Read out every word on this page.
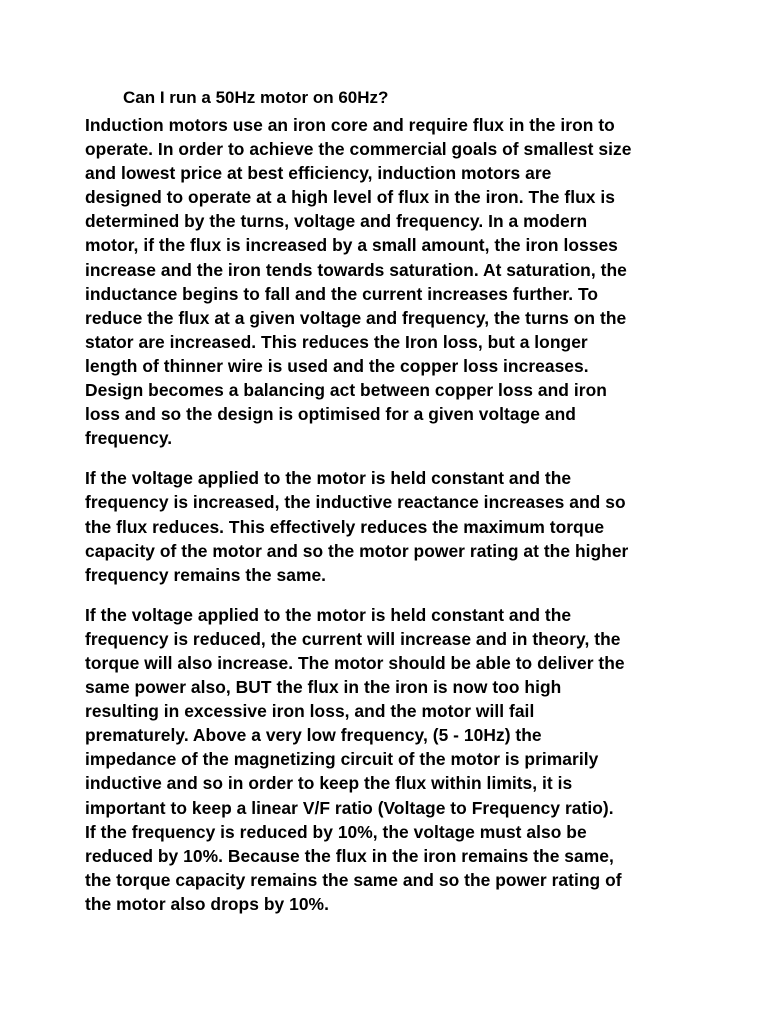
Can I run a 50Hz motor on 60Hz?

Induction motors use an iron core and require flux in the iron to
operate. In order to achieve the commercial goals of smallest size
and lowest price at best efficiency, induction motors are
designed to operate at a high level of flux in the iron. The flux is
determined by the turns, voltage and frequency. In a modern
motor, if the flux is increased by a small amount, the iron losses
increase and the iron tends towards saturation. At saturation, the
inductance begins to fall and the current increases further. To
reduce the flux at a given voltage and frequency, the turns on the
stator are increased. This reduces the Iron loss, but a longer
length of thinner wire is used and the copper loss increases.
Design becomes a balancing act between copper loss and iron
loss and so the design is optimised for a given voltage and
frequency.

If the voltage applied to the motor is held constant and the
frequency is increased, the inductive reactance increases and so
the flux reduces. This effectively reduces the maximum torque
capacity of the motor and so the motor power rating at the higher
frequency remains the same.

If the voltage applied to the motor is held constant and the
frequency is reduced, the current will increase and in theory, the
torque will also increase. The motor should be able to deliver the
same power also, BUT the flux in the iron is now too high
resulting in excessive iron loss, and the motor will fail
prematurely. Above a very low frequency, (5 - 10Hz) the
impedance of the magnetizing circuit of the motor is primarily
inductive and so in order to keep the flux within limits, it is
important to keep a linear V/F ratio (Voltage to Frequency ratio).
If the frequency is reduced by 10%, the voltage must also be
reduced by 10%. Because the flux in the iron remains the same,
the torque capacity remains the same and so the power rating of
the motor also drops by 10%.
